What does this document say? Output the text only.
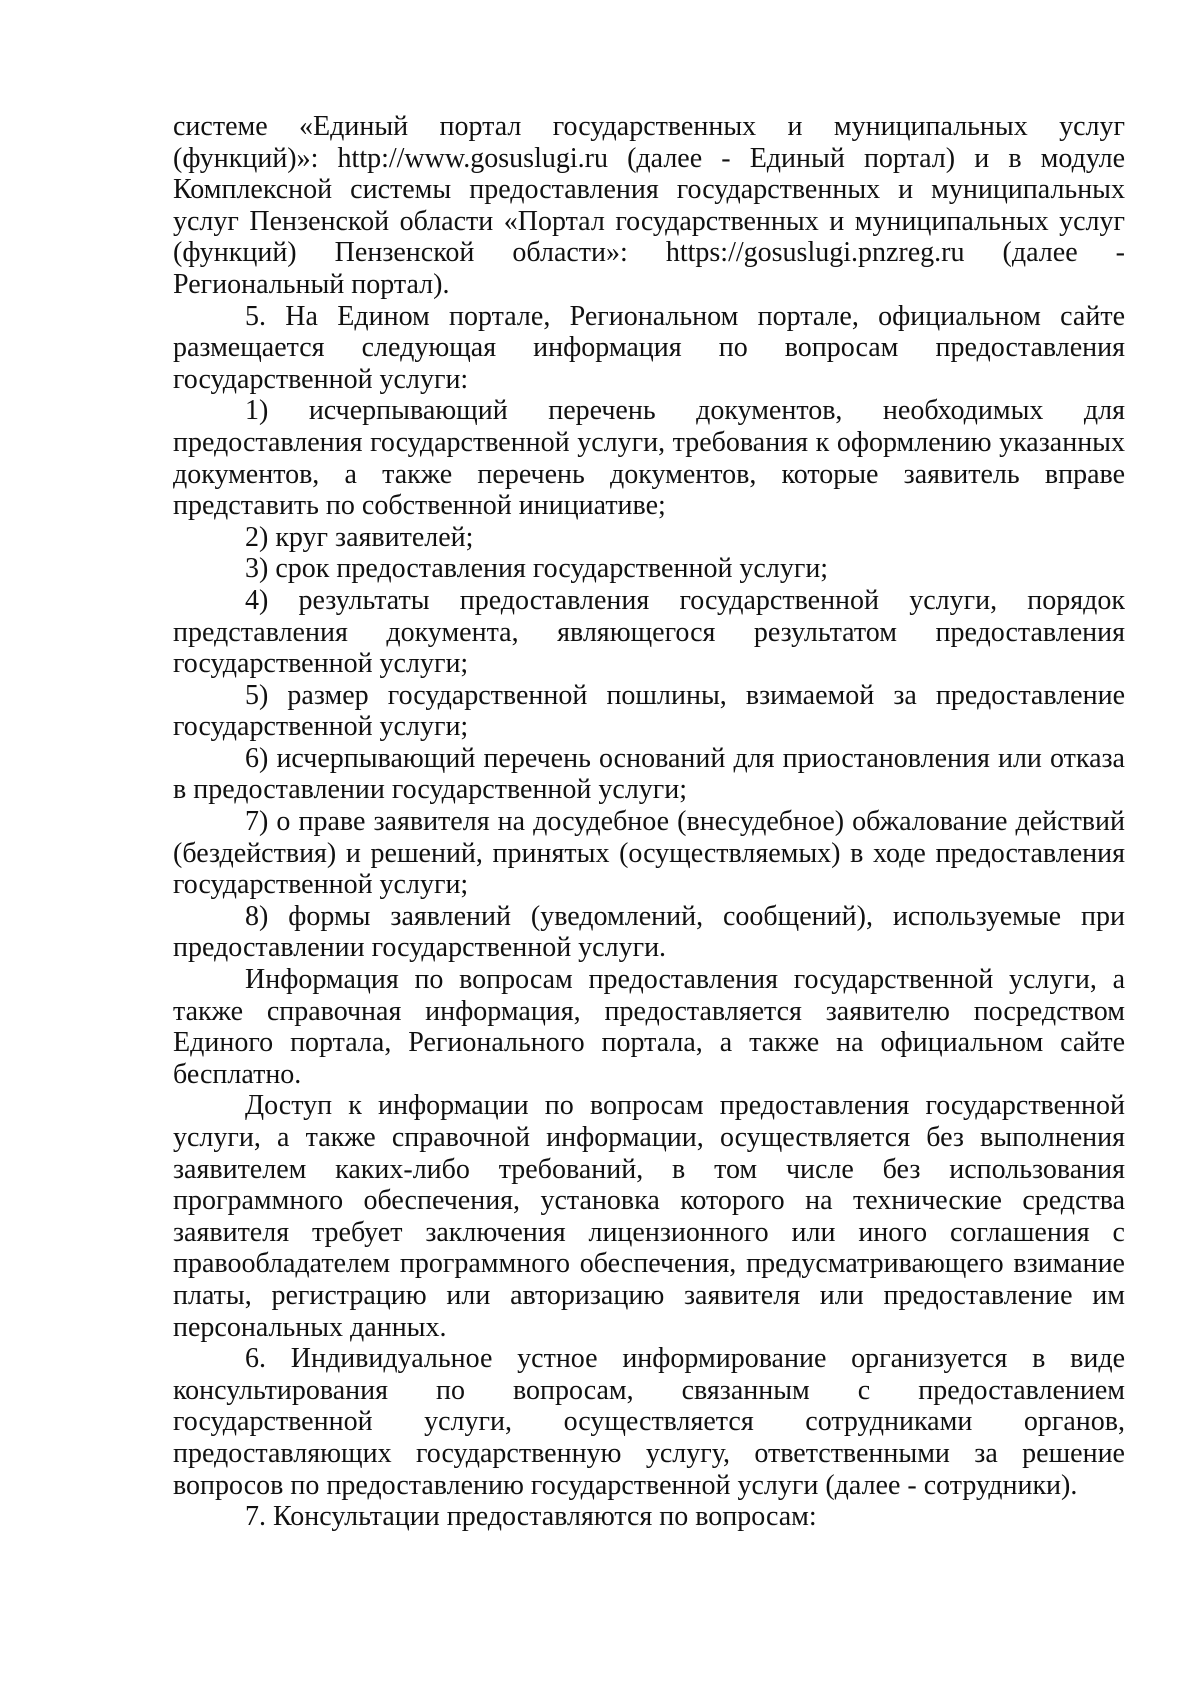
системе «Единый портал государственных и муниципальных услуг (функций)»: http://www.gosuslugi.ru (далее - Единый портал) и в модуле Комплексной системы предоставления государственных и муниципальных услуг Пензенской области «Портал государственных и муниципальных услуг (функций) Пензенской области»: https://gosuslugi.pnzreg.ru (далее - Региональный портал).

5. На Едином портале, Региональном портале, официальном сайте размещается следующая информация по вопросам предоставления государственной услуги:

1) исчерпывающий перечень документов, необходимых для предоставления государственной услуги, требования к оформлению указанных документов, а также перечень документов, которые заявитель вправе представить по собственной инициативе;

2) круг заявителей;

3) срок предоставления государственной услуги;

4) результаты предоставления государственной услуги, порядок представления документа, являющегося результатом предоставления государственной услуги;

5) размер государственной пошлины, взимаемой за предоставление государственной услуги;

6) исчерпывающий перечень оснований для приостановления или отказа в предоставлении государственной услуги;

7) о праве заявителя на досудебное (внесудебное) обжалование действий (бездействия) и решений, принятых (осуществляемых) в ходе предоставления государственной услуги;

8) формы заявлений (уведомлений, сообщений), используемые при предоставлении государственной услуги.

Информация по вопросам предоставления государственной услуги, а также справочная информация, предоставляется заявителю посредством Единого портала, Регионального портала, а также на официальном сайте бесплатно.

Доступ к информации по вопросам предоставления государственной услуги, а также справочной информации, осуществляется без выполнения заявителем каких-либо требований, в том числе без использования программного обеспечения, установка которого на технические средства заявителя требует заключения лицензионного или иного соглашения с правообладателем программного обеспечения, предусматривающего взимание платы, регистрацию или авторизацию заявителя или предоставление им персональных данных.

6. Индивидуальное устное информирование организуется в виде консультирования по вопросам, связанным с предоставлением государственной услуги, осуществляется сотрудниками органов, предоставляющих государственную услугу, ответственными за решение вопросов по предоставлению государственной услуги (далее - сотрудники).

7. Консультации предоставляются по вопросам:
